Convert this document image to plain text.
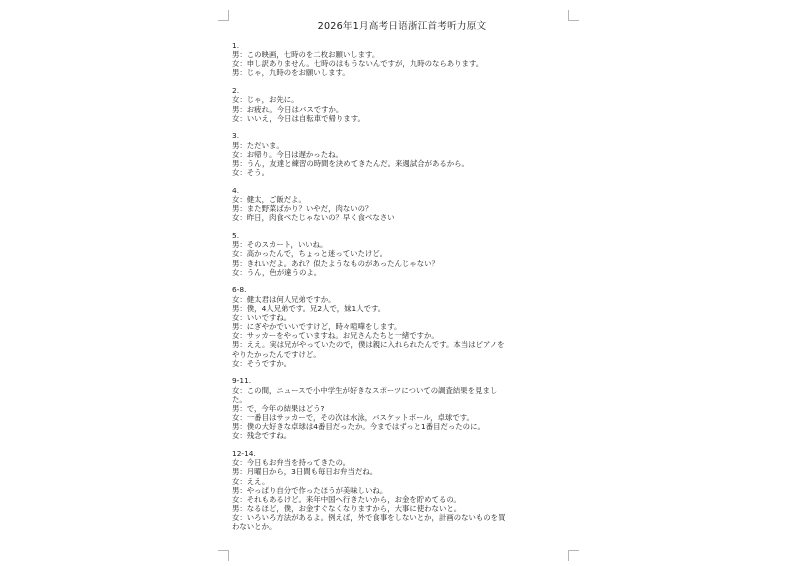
2026年1月高考日语浙江首考听力原文
1.
男：この映画，七時のを二枚お願いします。
女：申し訳ありません。七時のはもうないんですが，九時のならあります。
男：じゃ，九時のをお願いします。
2.
女：じゃ，お先に。
男：お疲れ。今日はバスですか。
女：いいえ，今日は自転車で帰ります。
3.
男：ただいま。
女：お帰り。今日は遅かったね。
男：うん，友達と練習の時間を決めてきたんだ。来週試合があるから。
女：そう。
4.
女：健太，ご飯だよ。
男：また野菜ばかり？いやだ，肉ないの？
女：昨日，肉食べたじゃないの？早く食べなさい
5.
男：そのスカート，いいね。
女：高かったんで，ちょっと迷っていたけど。
男：きれいだよ。あれ？似たようなものがあったんじゃない？
女：うん，色が違うのよ。
6-8.
女：健太君は何人兄弟ですか。
男：僕，4人兄弟です。兄2人で，妹1人です。
女：いいですね。
男：にぎやかでいいですけど，時々喧嘩をします。
女：サッカーをやっていますね。お兄さんたちと一緒ですか。
男：ええ。実は兄がやっていたので，僕は親に入れられたんです。本当はピアノを
やりたかったんですけど。
女：そうですか。
9-11.
女：この間，ニュースで小中学生が好きなスポーツについての調査結果を見まし
た。
男：で，今年の結果はどう?
女：一番目はサッカーで，その次は水泳，バスケットボール，卓球です。
男：僕の大好きな卓球は4番目だったか。今まではずっと1番目だったのに。
女：残念ですね。
12-14.
女：今日もお弁当を持ってきたの。
男：月曜日から，3日間も毎日お弁当だね。
女：ええ。
男：やっぱり自分で作ったほうが美味しいね。
女：それもあるけど。来年中国へ行きたいから，お金を貯めてるの。
男：なるほど，僕，お金すぐなくなりますから，大事に使わないと。
女：いろいろ方法があるよ。例えば，外で食事をしないとか，計画のないものを買
わないとか。
